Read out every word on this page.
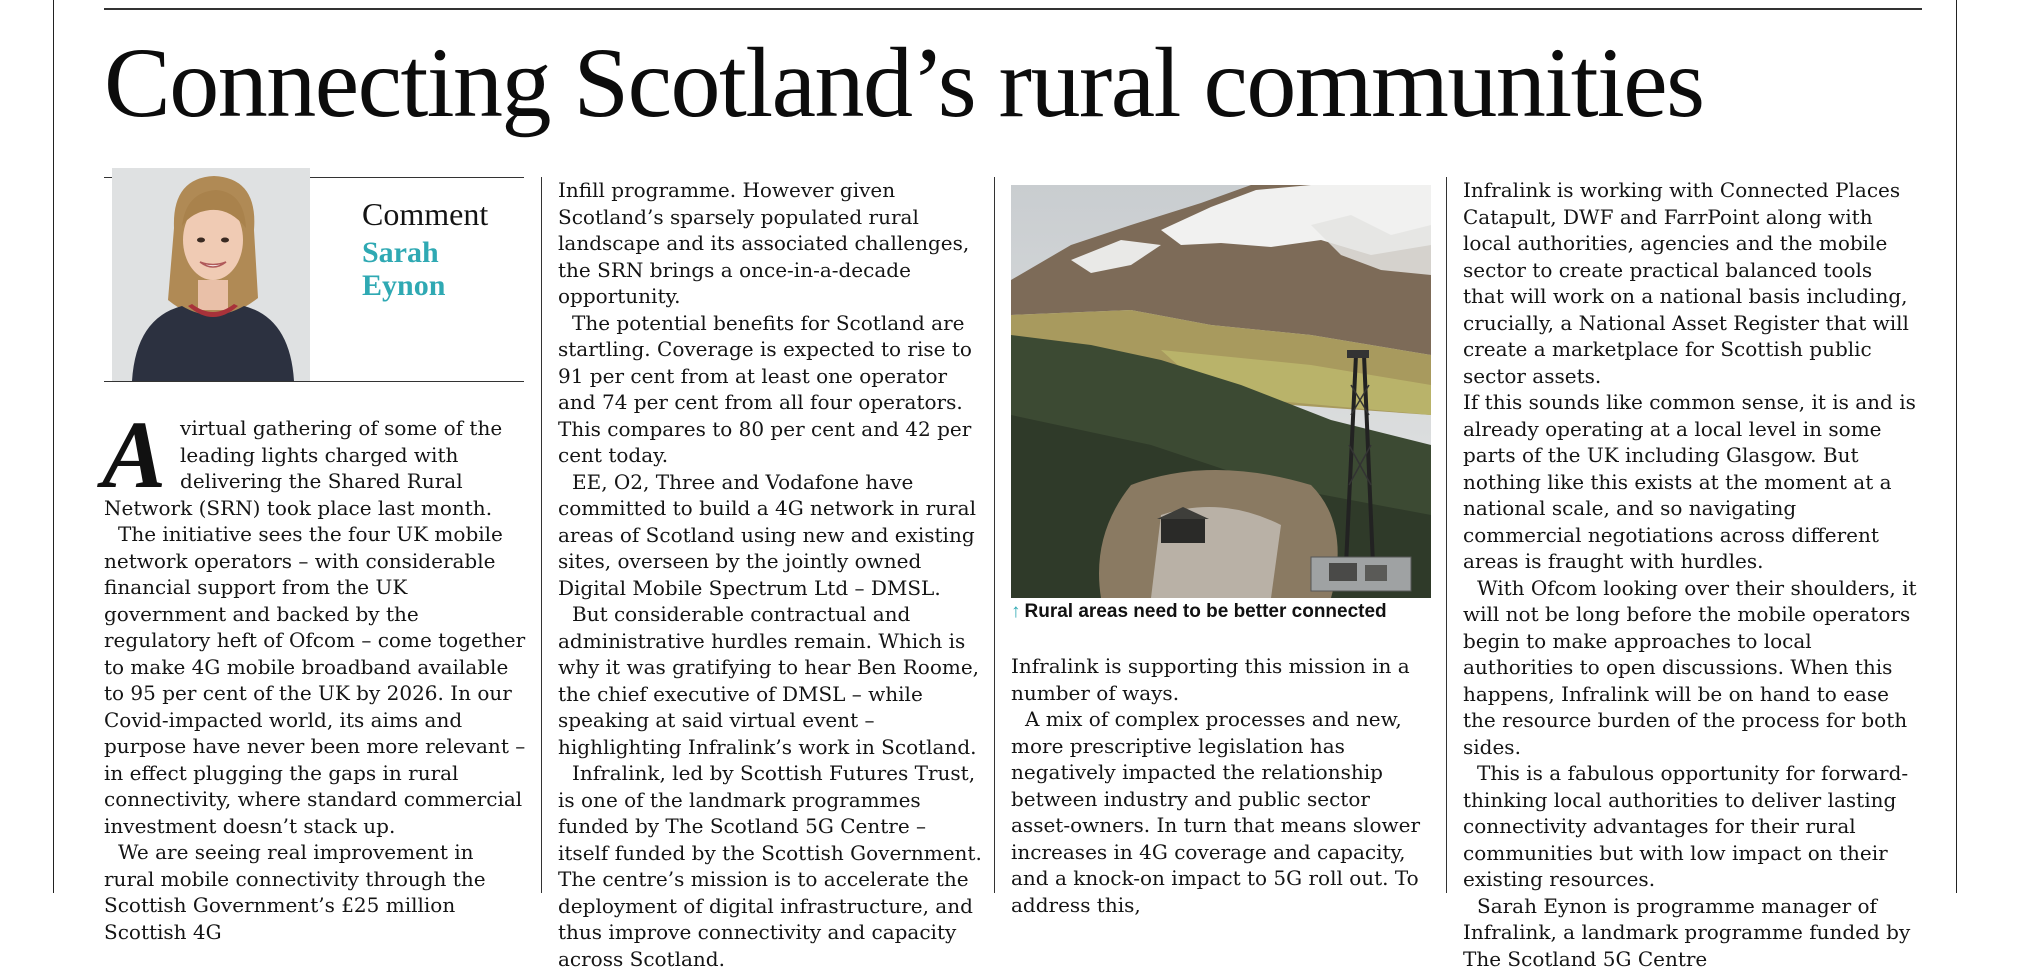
Connecting Scotland’s rural communities
Comment
Sarah Eynon

Avirtual gathering of some of the leading lights charged with delivering the Shared Rural Network (SRN) took place last month.

The initiative sees the four UK mobile network operators – with considerable financial support from the UK government and backed by the regulatory heft of Ofcom – come together to make 4G mobile broadband available to 95 per cent of the UK by 2026. In our Covid-impacted world, its aims and purpose have never been more relevant – in effect plugging the gaps in rural connectivity, where standard commercial investment doesn’t stack up.

We are seeing real improvement in rural mobile connectivity through the Scottish Government’s £25 million Scottish 4G

Infill programme. However given Scotland’s sparsely populated rural landscape and its associated challenges, the SRN brings a once-in-a-decade opportunity.

The potential benefits for Scotland are startling. Coverage is expected to rise to 91 per cent from at least one operator and 74 per cent from all four operators. This compares to 80 per cent and 42 per cent today.

EE, O2, Three and Vodafone have committed to build a 4G network in rural areas of Scotland using new and existing sites, overseen by the jointly owned Digital Mobile Spectrum Ltd – DMSL.

But considerable contractual and administrative hurdles remain. Which is why it was gratifying to hear Ben Roome, the chief executive of DMSL – while speaking at said virtual event – highlighting Infralink’s work in Scotland.

Infralink, led by Scottish Futures Trust, is one of the landmark programmes funded by The Scotland 5G Centre – itself funded by the Scottish Government. The centre’s mission is to accelerate the deployment of digital infrastructure, and thus improve connectivity and capacity across Scotland.

↑ Rural areas need to be better connected

Infralink is supporting this mission in a number of ways.

A mix of complex processes and new, more prescriptive legislation has negatively impacted the relationship between industry and public sector asset-owners. In turn that means slower increases in 4G coverage and capacity, and a knock-on impact to 5G roll out. To address this,

Infralink is working with Connected Places Catapult, DWF and FarrPoint along with local authorities, agencies and the mobile sector to create practical balanced tools that will work on a national basis including, crucially, a National Asset Register that will create a marketplace for Scottish public sector assets.

If this sounds like common sense, it is and is already operating at a local level in some parts of the UK including Glasgow. But nothing like this exists at the moment at a national scale, and so navigating commercial negotiations across different areas is fraught with hurdles.

With Ofcom looking over their shoulders, it will not be long before the mobile operators begin to make approaches to local authorities to open discussions. When this happens, Infralink will be on hand to ease the resource burden of the process for both sides.

This is a fabulous opportunity for forward-thinking local authorities to deliver lasting connectivity advantages for their rural communities but with low impact on their existing resources.

Sarah Eynon is programme manager of Infralink, a landmark programme funded by The Scotland 5G Centre
